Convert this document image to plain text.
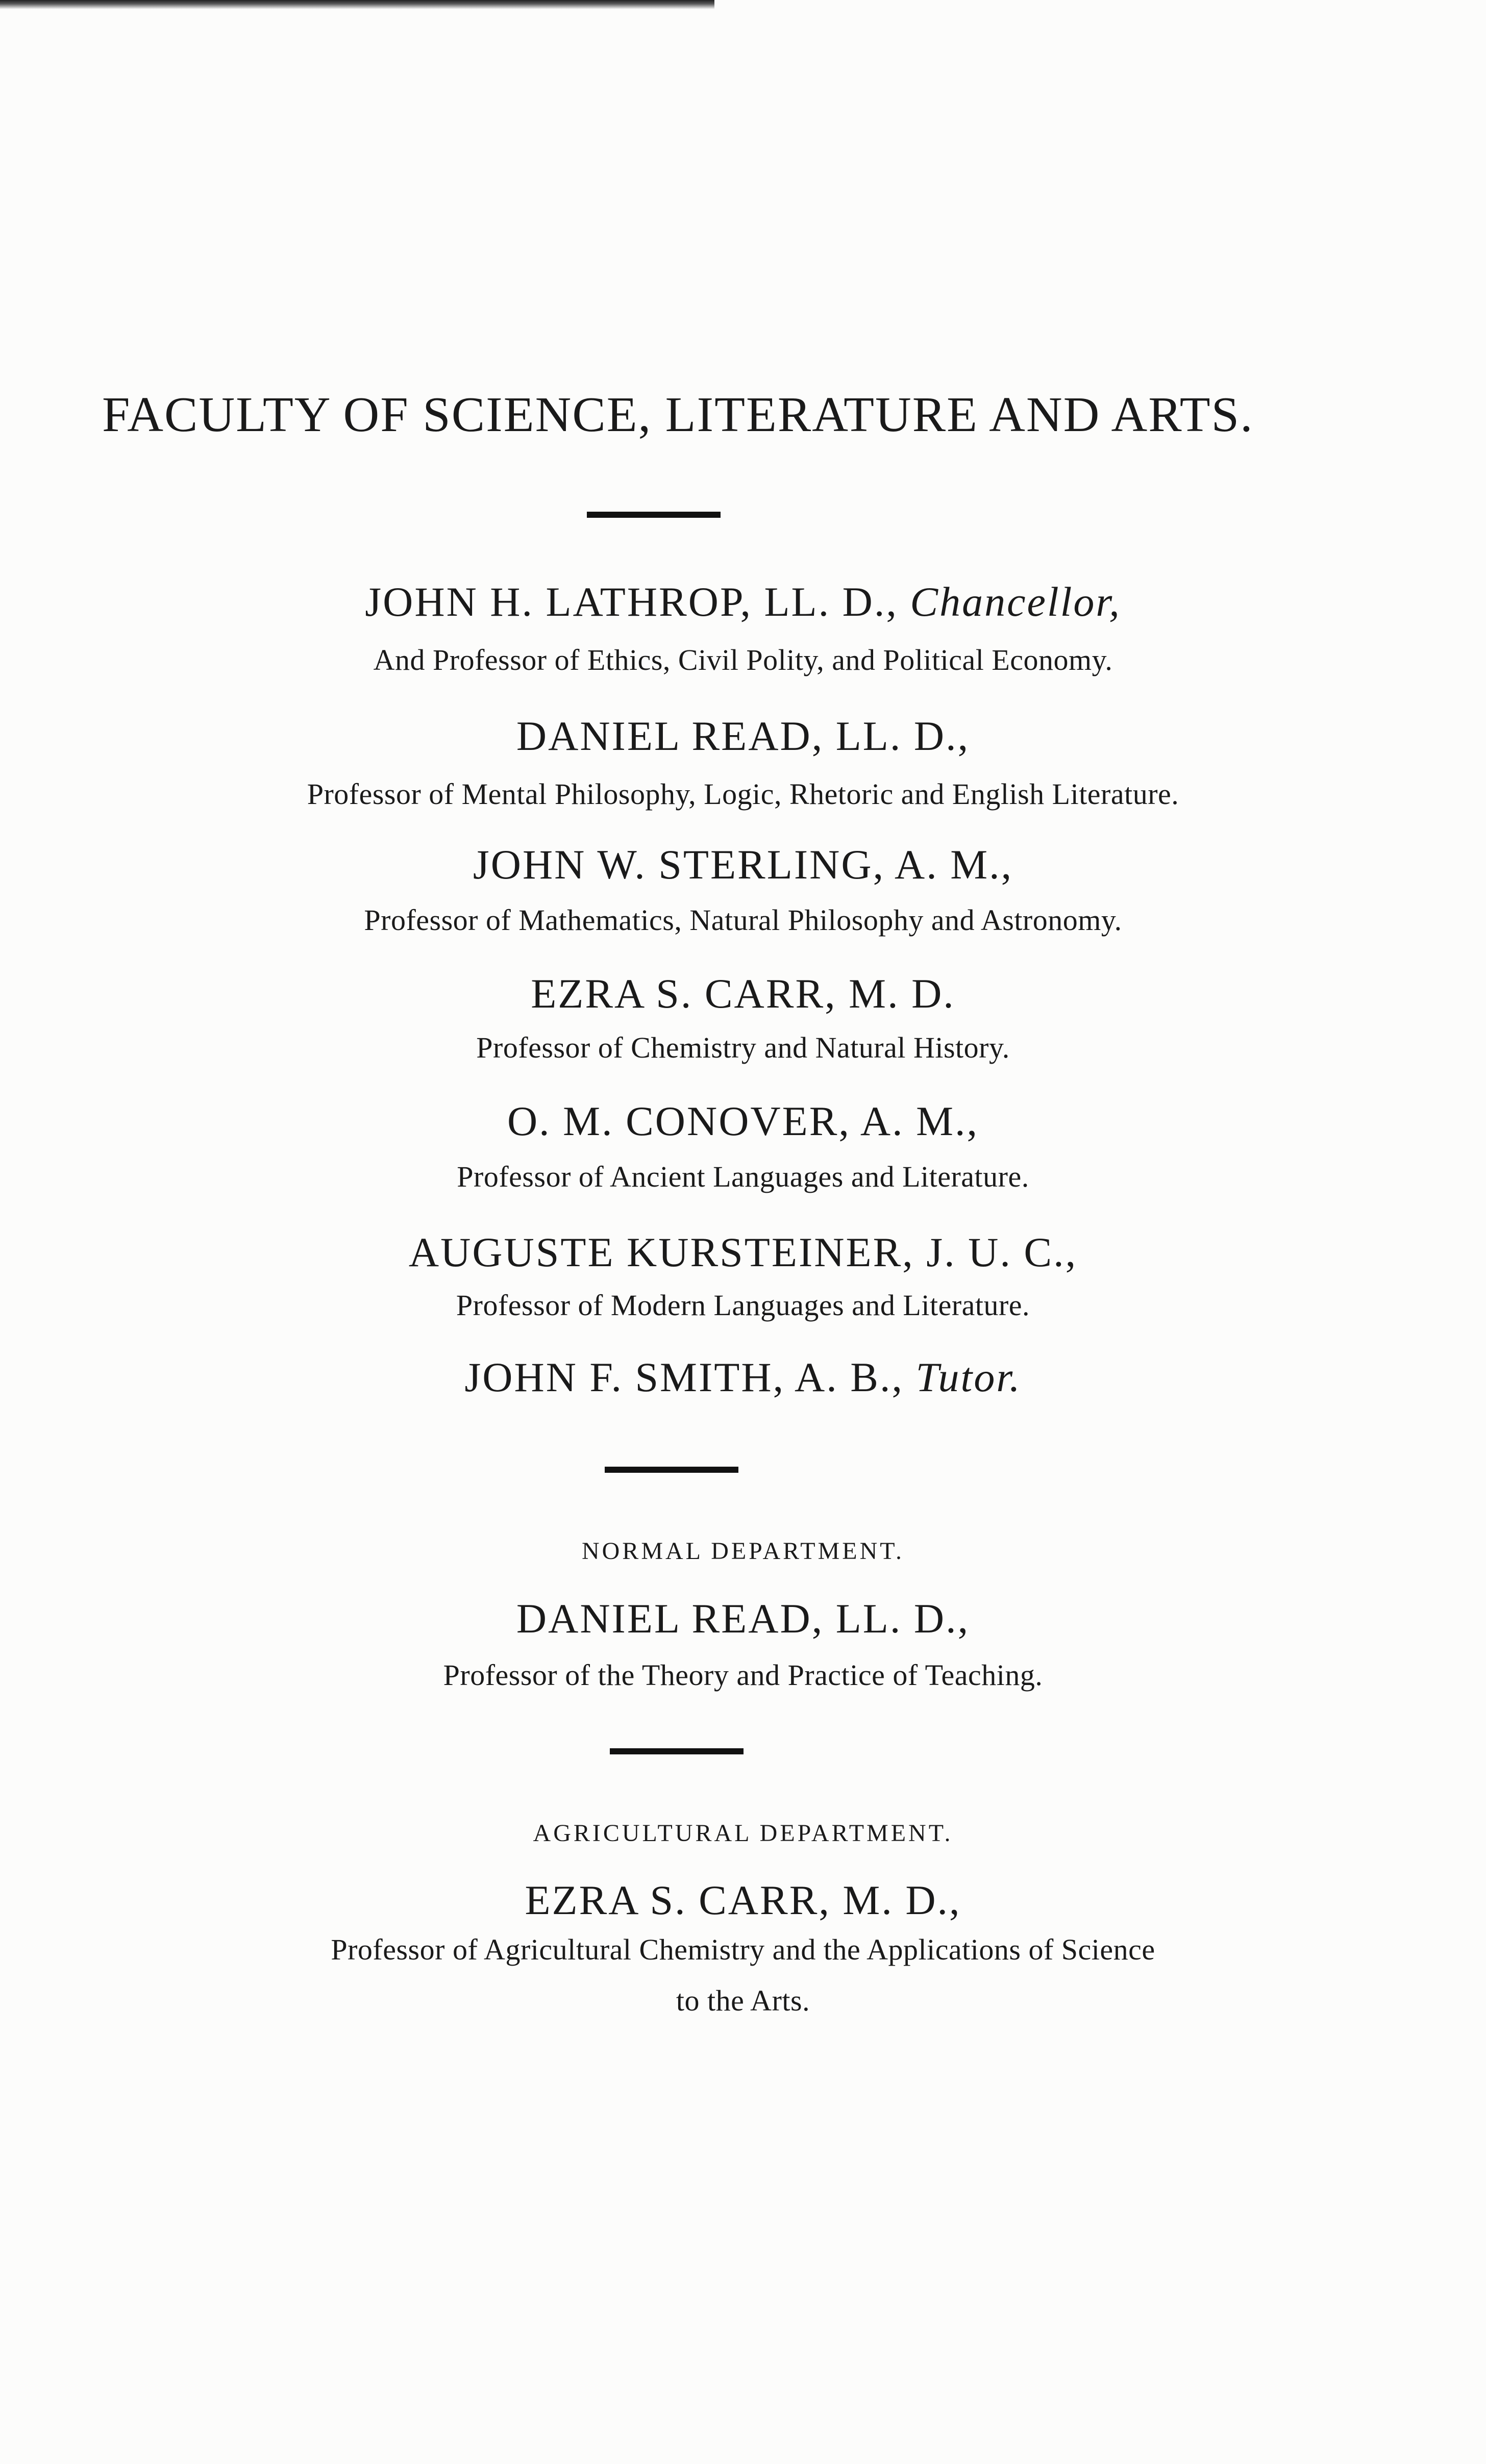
FACULTY OF SCIENCE, LITERATURE AND ARTS.
JOHN H. LATHROP, LL. D., Chancellor,
And Professor of Ethics, Civil Polity, and Political Economy.
DANIEL READ, LL. D.,
Professor of Mental Philosophy, Logic, Rhetoric and English Literature.
JOHN W. STERLING, A. M.,
Professor of Mathematics, Natural Philosophy and Astronomy.
EZRA S. CARR, M. D.
Professor of Chemistry and Natural History.
O. M. CONOVER, A. M.,
Professor of Ancient Languages and Literature.
AUGUSTE KURSTEINER, J. U. C.,
Professor of Modern Languages and Literature.
JOHN F. SMITH, A. B., Tutor.
NORMAL DEPARTMENT.
DANIEL READ, LL. D.,
Professor of the Theory and Practice of Teaching.
AGRICULTURAL DEPARTMENT.
EZRA S. CARR, M. D.,
Professor of Agricultural Chemistry and the Applications of Science
to the Arts.
